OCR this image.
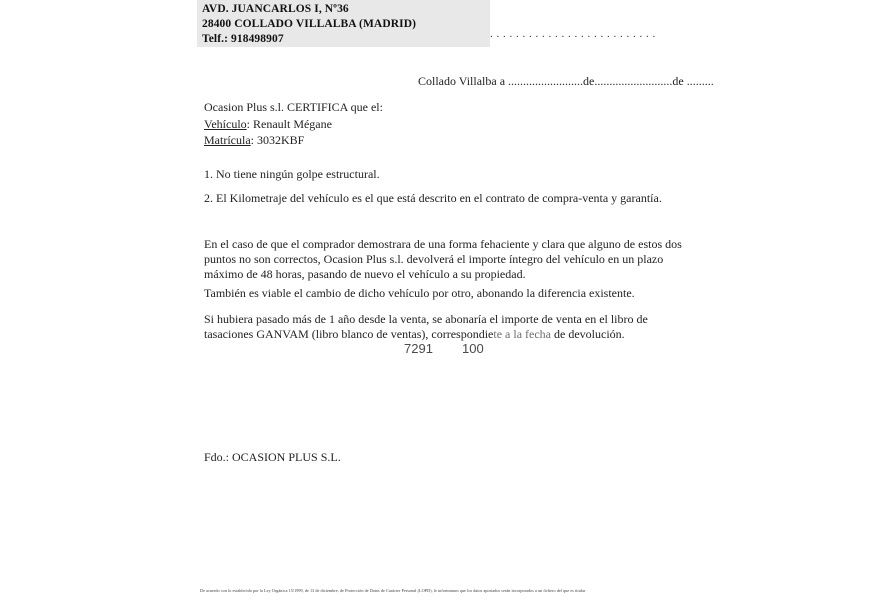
AVD. JUANCARLOS I, Nº36
28400 COLLADO VILLALBA (MADRID)
Telf.: 918498907	. . . . . . . . . . . . . . . . . . . . . . . . . .
Collado Villalba a .........................de..........................de .........
Ocasion Plus s.l. CERTIFICA que el:
Vehículo: Renault Mégane
Matrícula: 3032KBF
1. No tiene ningún golpe estructural.
2. El Kilometraje del vehículo es el que está descrito en el contrato de compra-venta y garantía.
En el caso de que el comprador demostrara de una forma fehaciente y clara que alguno de estos dos puntos no son correctos, Ocasion Plus s.l. devolverá el importe íntegro del vehículo en un plazo máximo de 48 horas, pasando de nuevo el vehículo a su propiedad.
También es viable el cambio de dicho vehículo por otro, abonando la diferencia existente.
Si hubiera pasado más de 1 año desde la venta, se abonaría el importe de venta en el libro de tasaciones GANVAM (libro blanco de ventas), correspondiete a la fecha de devolución.
7291 100
Fdo.: OCASION PLUS S.L.
De acuerdo con lo establecido por la Ley Orgánica 15/1999, de 13 de diciembre, de Protección de Datos de Carácter Personal (LOPD), le informamos que los datos aportados serán incorporados a un fichero del que es titular
